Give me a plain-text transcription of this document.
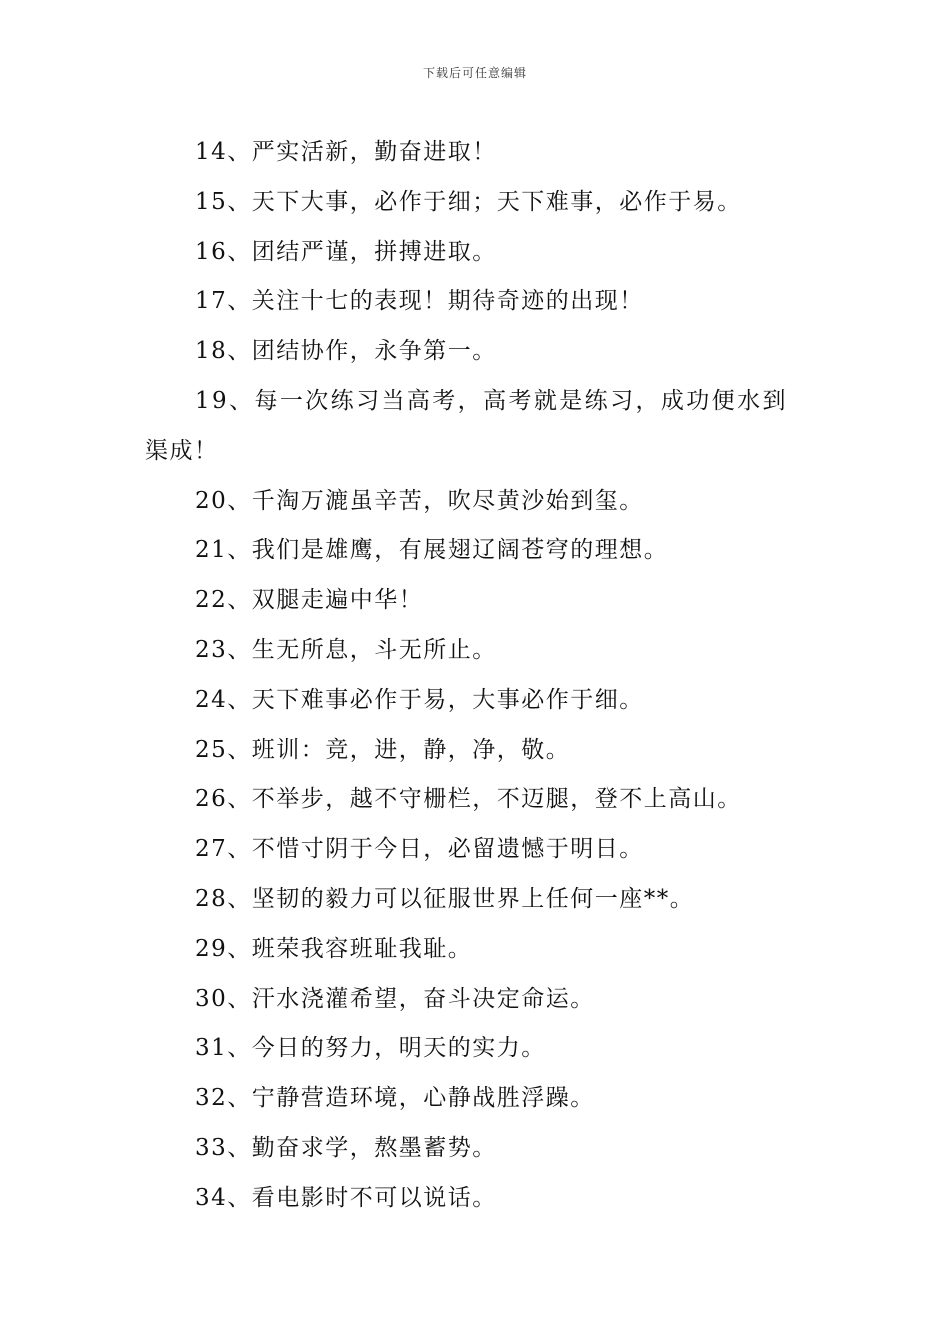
下载后可任意编辑
14、严实活新，勤奋进取！
15、天下大事，必作于细；天下难事，必作于易。
16、团结严谨，拼搏进取。
17、关注十七的表现！期待奇迹的出现！
18、团结协作，永争第一。
19、每一次练习当高考，高考就是练习，成功便水到
渠成！
20、千淘万漉虽辛苦，吹尽黄沙始到玺。
21、我们是雄鹰，有展翅辽阔苍穹的理想。
22、双腿走遍中华！
23、生无所息，斗无所止。
24、天下难事必作于易，大事必作于细。
25、班训：竞，进，静，净，敬。
26、不举步，越不守栅栏，不迈腿，登不上高山。
27、不惜寸阴于今日，必留遗憾于明日。
28、坚韧的毅力可以征服世界上任何一座**。
29、班荣我容班耻我耻。
30、汗水浇灌希望，奋斗决定命运。
31、今日的努力，明天的实力。
32、宁静营造环境，心静战胜浮躁。
33、勤奋求学，熬墨蓄势。
34、看电影时不可以说话。
